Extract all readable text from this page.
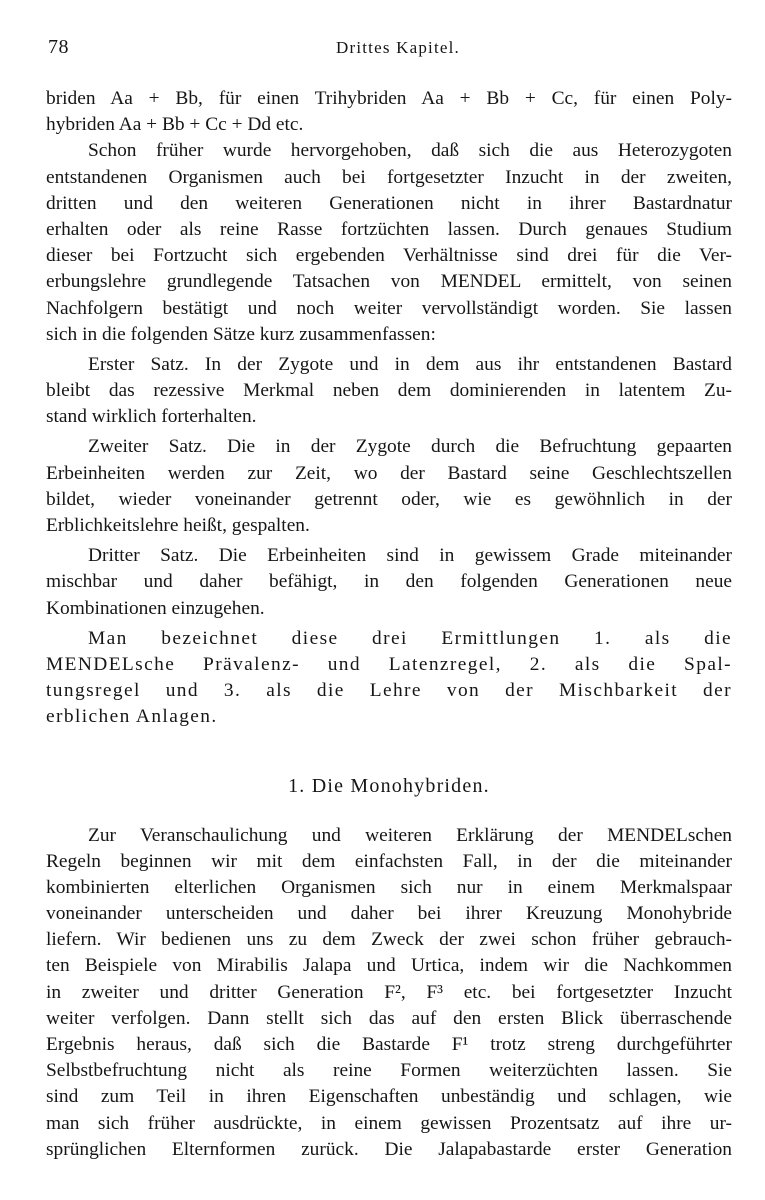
78	Drittes Kapitel.
briden Aa + Bb, für einen Trihybriden Aa + Bb + Cc, für einen Poly-
hybriden Aa + Bb + Cc + Dd etc.
Schon früher wurde hervorgehoben, daß sich die aus Heterozygoten
entstandenen Organismen auch bei fortgesetzter Inzucht in der zweiten,
dritten und den weiteren Generationen nicht in ihrer Bastardnatur
erhalten oder als reine Rasse fortzüchten lassen. Durch genaues Studium
dieser bei Fortzucht sich ergebenden Verhältnisse sind drei für die Ver-
erbungslehre grundlegende Tatsachen von MENDEL ermittelt, von seinen
Nachfolgern bestätigt und noch weiter vervollständigt worden. Sie lassen
sich in die folgenden Sätze kurz zusammenfassen:
Erster Satz. In der Zygote und in dem aus ihr entstandenen Bastard
bleibt das rezessive Merkmal neben dem dominierenden in latentem Zu-
stand wirklich forterhalten.
Zweiter Satz. Die in der Zygote durch die Befruchtung gepaarten
Erbeinheiten werden zur Zeit, wo der Bastard seine Geschlechtszellen
bildet, wieder voneinander getrennt oder, wie es gewöhnlich in der
Erblichkeitslehre heißt, gespalten.
Dritter Satz. Die Erbeinheiten sind in gewissem Grade miteinander
mischbar und daher befähigt, in den folgenden Generationen neue
Kombinationen einzugehen.
Man bezeichnet diese drei Ermittlungen 1. als die
MENDELsche Prävalenz- und Latenzregel, 2. als die Spal-
tungsregel und 3. als die Lehre von der Mischbarkeit der
erblichen Anlagen.
1. Die Monohybriden.
Zur Veranschaulichung und weiteren Erklärung der MENDELschen
Regeln beginnen wir mit dem einfachsten Fall, in der die miteinander
kombinierten elterlichen Organismen sich nur in einem Merkmalspaar
voneinander unterscheiden und daher bei ihrer Kreuzung Monohybride
liefern. Wir bedienen uns zu dem Zweck der zwei schon früher gebrauch-
ten Beispiele von Mirabilis Jalapa und Urtica, indem wir die Nachkommen
in zweiter und dritter Generation F², F³ etc. bei fortgesetzter Inzucht
weiter verfolgen. Dann stellt sich das auf den ersten Blick überraschende
Ergebnis heraus, daß sich die Bastarde F¹ trotz streng durchgeführter
Selbstbefruchtung nicht als reine Formen weiterzüchten lassen. Sie
sind zum Teil in ihren Eigenschaften unbeständig und schlagen, wie
man sich früher ausdrückte, in einem gewissen Prozentsatz auf ihre ur-
sprünglichen Elternformen zurück. Die Jalapabastarde erster Generation
